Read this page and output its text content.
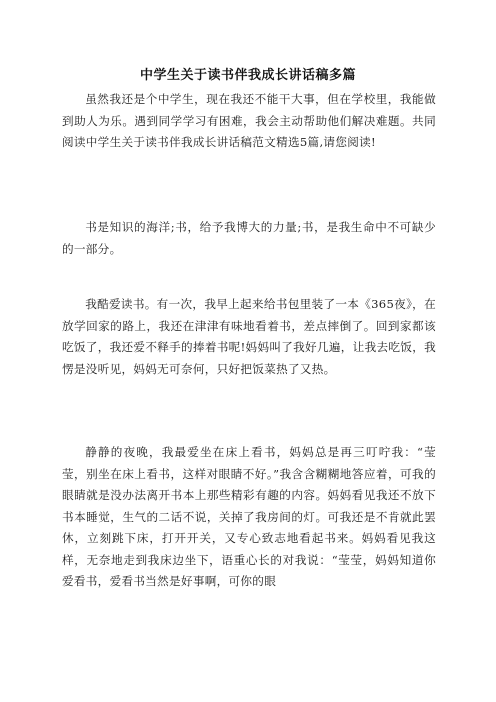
中学生关于读书伴我成长讲话稿多篇

虽然我还是个中学生，现在我还不能干大事，但在学校里，我能做到助人为乐。遇到同学学习有困难，我会主动帮助他们解决难题。共同阅读中学生关于读书伴我成长讲话稿范文精选5篇,请您阅读!

书是知识的海洋;书，给予我博大的力量;书，是我生命中不可缺少的一部分。

我酷爱读书。有一次，我早上起来给书包里装了一本《365夜》，在放学回家的路上，我还在津津有味地看着书，差点摔倒了。回到家都该吃饭了，我还爱不释手的捧着书呢!妈妈叫了我好几遍，让我去吃饭，我愣是没听见，妈妈无可奈何，只好把饭菜热了又热。

静静的夜晚，我最爱坐在床上看书，妈妈总是再三叮咛我：“莹莹，别坐在床上看书，这样对眼睛不好。”我含含糊糊地答应着，可我的眼睛就是没办法离开书本上那些精彩有趣的内容。妈妈看见我还不放下书本睡觉，生气的二话不说，关掉了我房间的灯。可我还是不肯就此罢休，立刻跳下床，打开开关，又专心致志地看起书来。妈妈看见我这样，无奈地走到我床边坐下，语重心长的对我说：“莹莹，妈妈知道你爱看书，爱看书当然是好事啊，可你的眼
